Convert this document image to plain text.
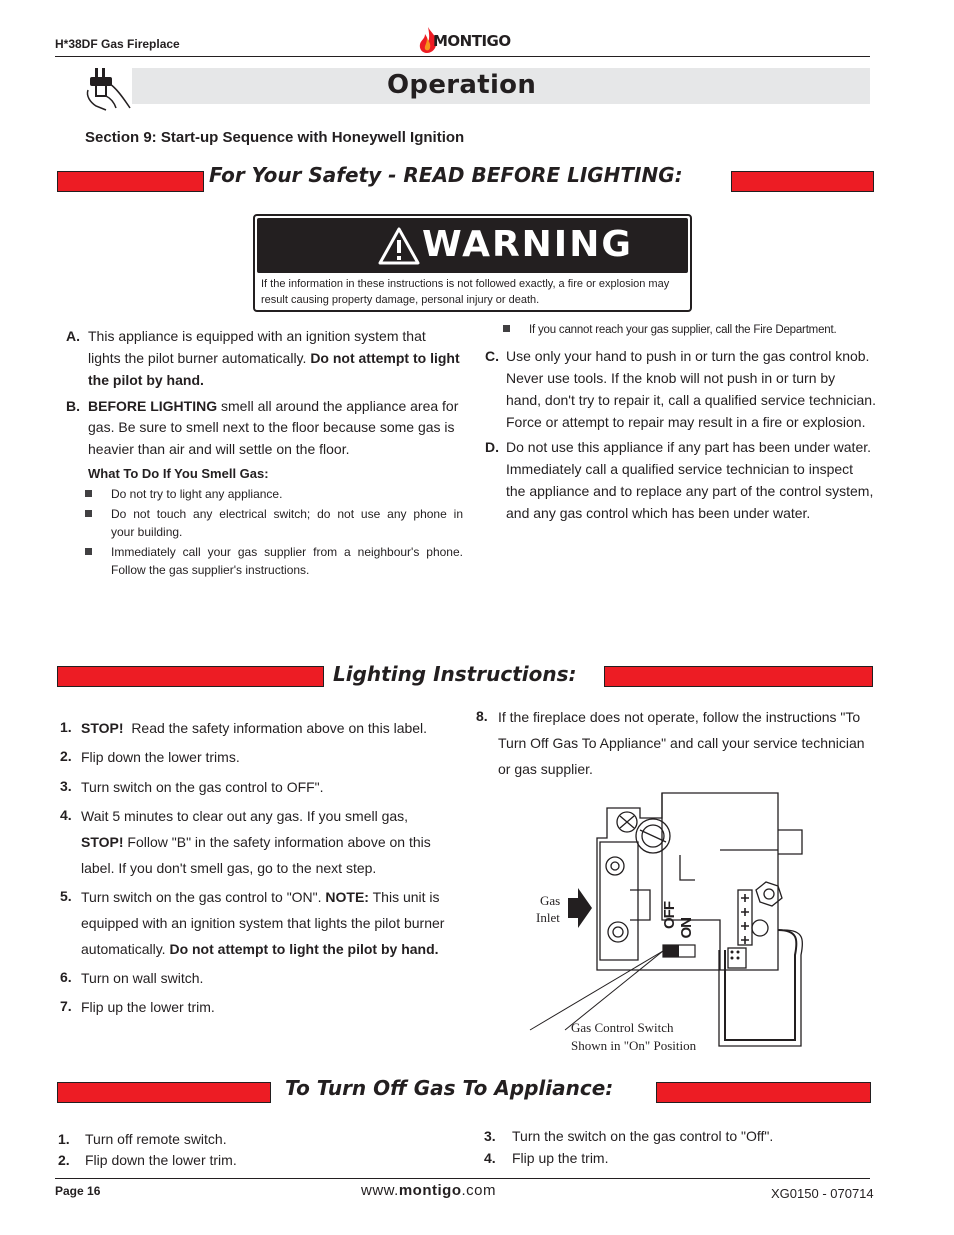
H*38DF Gas Fireplace	MONTIGO
Operation
Section 9: Start-up Sequence with Honeywell Ignition
For Your Safety - READ BEFORE LIGHTING:
WARNING
If the information in these instructions is not followed exactly, a fire or explosion may result causing property damage, personal injury or death.
A. This appliance is equipped with an ignition system that
lights the pilot burner automatically. Do not attempt to light
the pilot by hand.
B. BEFORE LIGHTING smell all around the appliance area for
gas. Be sure to smell next to the floor because some gas is
heavier than air and will settle on the floor.
What To Do If You Smell Gas:
Do not try to light any appliance.
Do not touch any electrical switch; do not use any phone in
your building.
Immediately call your gas supplier from a neighbour's phone.
Follow the gas supplier's instructions.
If you cannot reach your gas supplier, call the Fire Department.
C. Use only your hand to push in or turn the gas control knob.
Never use tools. If the knob will not push in or turn by
hand, don't try to repair it, call a qualified service technician.
Force or attempt to repair may result in a fire or explosion.
D. Do not use this appliance if any part has been under water.
Immediately call a qualified service technician to inspect
the appliance and to replace any part of the control system,
and any gas control which has been under water.
Lighting Instructions:
1. STOP! Read the safety information above on this label.
2. Flip down the lower trims.
3. Turn switch on the gas control to OFF".
4. Wait 5 minutes to clear out any gas. If you smell gas,
STOP! Follow "B" in the safety information above on this
label. If you don't smell gas, go to the next step.
5. Turn switch on the gas control to "ON". NOTE: This unit is
equipped with an ignition system that lights the pilot burner
automatically. Do not attempt to light the pilot by hand.
6. Turn on wall switch.
7. Flip up the lower trim.
8. If the fireplace does not operate, follow the instructions "To
Turn Off Gas To Appliance" and call your service technician
or gas supplier.
OFF ON
Gas
Inlet
Gas Control Switch
Shown in "On" Position
To Turn Off Gas To Appliance:
1. Turn off remote switch.
2. Flip down the lower trim.
3. Turn the switch on the gas control to "Off".
4. Flip up the trim.
Page 16	www.montigo.com	XG0150 - 070714
